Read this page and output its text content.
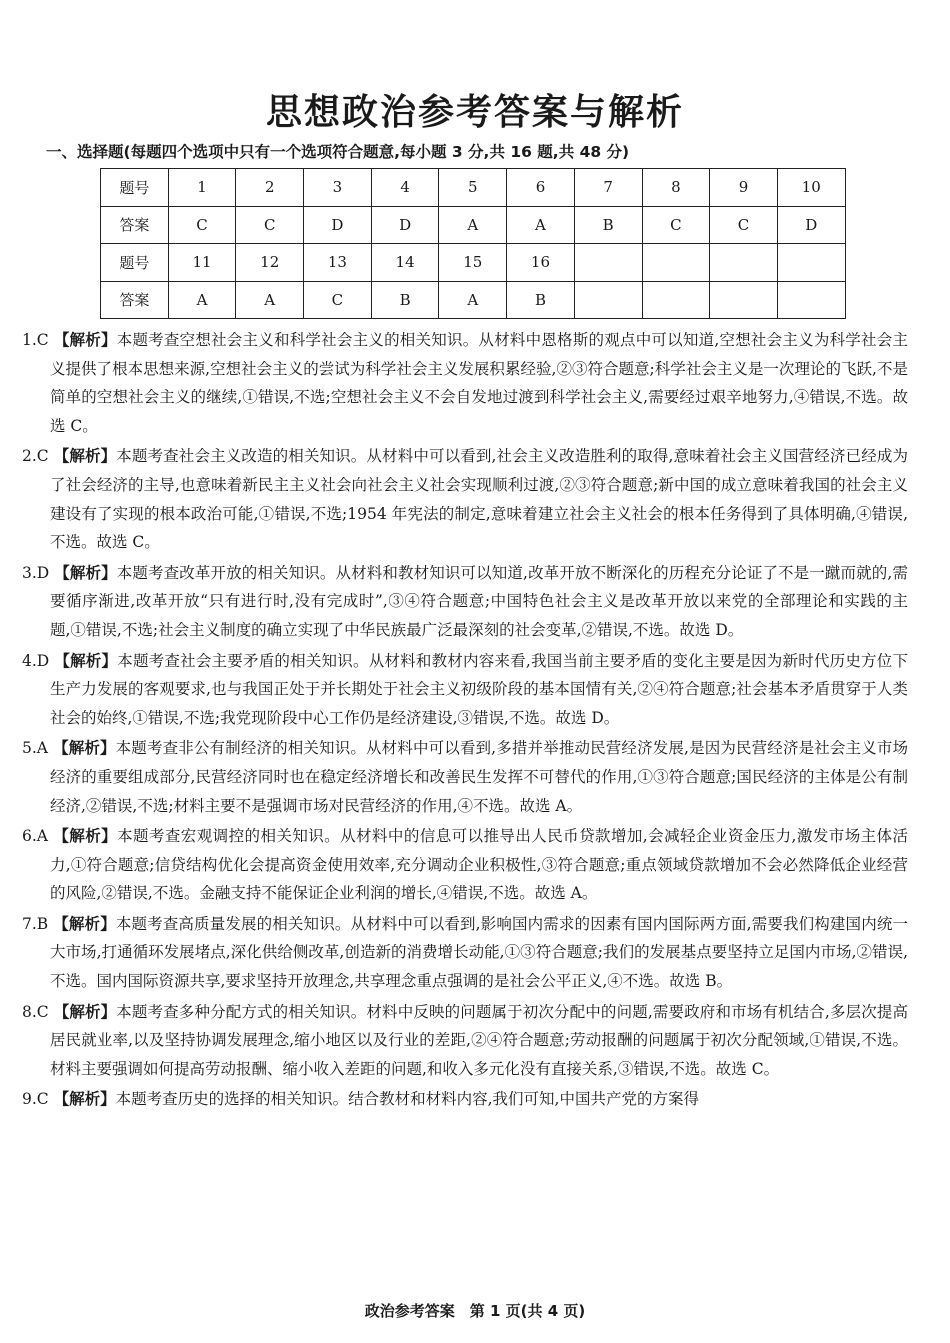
思想政治参考答案与解析
一、选择题(每题四个选项中只有一个选项符合题意,每小题 3 分,共 16 题,共 48 分)
题号	1	2	3	4	5	6	7	8	9	10
答案	C	C	D	D	A	A	B	C	C	D
题号	11	12	13	14	15	16				
答案	A	A	C	B	A	B				
1.C 【解析】本题考查空想社会主义和科学社会主义的相关知识。从材料中恩格斯的观点中可以知道,空想社会主义为科学社会主义提供了根本思想来源,空想社会主义的尝试为科学社会主义发展积累经验,②③符合题意;科学社会主义是一次理论的飞跃,不是简单的空想社会主义的继续,①错误,不选;空想社会主义不会自发地过渡到科学社会主义,需要经过艰辛地努力,④错误,不选。故选 C。
2.C 【解析】本题考查社会主义改造的相关知识。从材料中可以看到,社会主义改造胜利的取得,意味着社会主义国营经济已经成为了社会经济的主导,也意味着新民主主义社会向社会主义社会实现顺利过渡,②③符合题意;新中国的成立意味着我国的社会主义建设有了实现的根本政治可能,①错误,不选;1954 年宪法的制定,意味着建立社会主义社会的根本任务得到了具体明确,④错误,不选。故选 C。
3.D 【解析】本题考查改革开放的相关知识。从材料和教材知识可以知道,改革开放不断深化的历程充分论证了不是一蹴而就的,需要循序渐进,改革开放“只有进行时,没有完成时”,③④符合题意;中国特色社会主义是改革开放以来党的全部理论和实践的主题,①错误,不选;社会主义制度的确立实现了中华民族最广泛最深刻的社会变革,②错误,不选。故选 D。
4.D 【解析】本题考查社会主要矛盾的相关知识。从材料和教材内容来看,我国当前主要矛盾的变化主要是因为新时代历史方位下生产力发展的客观要求,也与我国正处于并长期处于社会主义初级阶段的基本国情有关,②④符合题意;社会基本矛盾贯穿于人类社会的始终,①错误,不选;我党现阶段中心工作仍是经济建设,③错误,不选。故选 D。
5.A 【解析】本题考查非公有制经济的相关知识。从材料中可以看到,多措并举推动民营经济发展,是因为民营经济是社会主义市场经济的重要组成部分,民营经济同时也在稳定经济增长和改善民生发挥不可替代的作用,①③符合题意;国民经济的主体是公有制经济,②错误,不选;材料主要不是强调市场对民营经济的作用,④不选。故选 A。
6.A 【解析】本题考查宏观调控的相关知识。从材料中的信息可以推导出人民币贷款增加,会减轻企业资金压力,激发市场主体活力,①符合题意;信贷结构优化会提高资金使用效率,充分调动企业积极性,③符合题意;重点领域贷款增加不会必然降低企业经营的风险,②错误,不选。金融支持不能保证企业利润的增长,④错误,不选。故选 A。
7.B 【解析】本题考查高质量发展的相关知识。从材料中可以看到,影响国内需求的因素有国内国际两方面,需要我们构建国内统一大市场,打通循环发展堵点,深化供给侧改革,创造新的消费增长动能,①③符合题意;我们的发展基点要坚持立足国内市场,②错误,不选。国内国际资源共享,要求坚持开放理念,共享理念重点强调的是社会公平正义,④不选。故选 B。
8.C 【解析】本题考查多种分配方式的相关知识。材料中反映的问题属于初次分配中的问题,需要政府和市场有机结合,多层次提高居民就业率,以及坚持协调发展理念,缩小地区以及行业的差距,②④符合题意;劳动报酬的问题属于初次分配领域,①错误,不选。材料主要强调如何提高劳动报酬、缩小收入差距的问题,和收入多元化没有直接关系,③错误,不选。故选 C。
9.C 【解析】本题考查历史的选择的相关知识。结合教材和材料内容,我们可知,中国共产党的方案得
政治参考答案　第 1 页(共 4 页)
